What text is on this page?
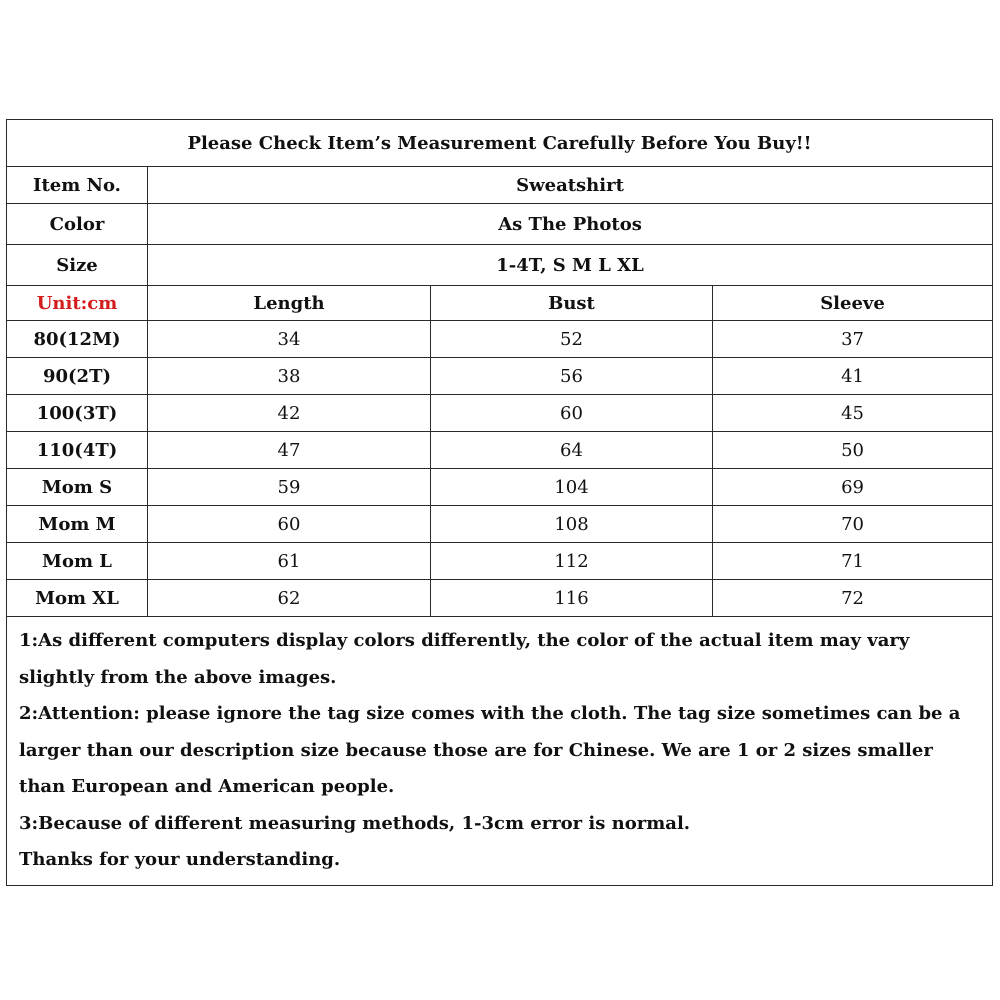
Please Check Item’s Measurement Carefully Before You Buy!!			
Item No.	Sweatshirt		
Color	As The Photos		
Size	1-4T, S M L XL		
Unit:cm	Length	Bust	Sleeve
80(12M)	34	52	37
90(2T)	38	56	41
100(3T)	42	60	45
110(4T)	47	64	50
Mom S	59	104	69
Mom M	60	108	70
Mom L	61	112	71
Mom XL	62	116	72

1:As different computers display colors differently, the color of the actual item may vary slightly from the above images.

2:Attention: please ignore the tag size comes with the cloth. The tag size sometimes can be a larger than our description size because those are for Chinese. We are 1 or 2 sizes smaller than European and American people.

3:Because of different measuring methods, 1-3cm error is normal.

Thanks for your understanding.			
